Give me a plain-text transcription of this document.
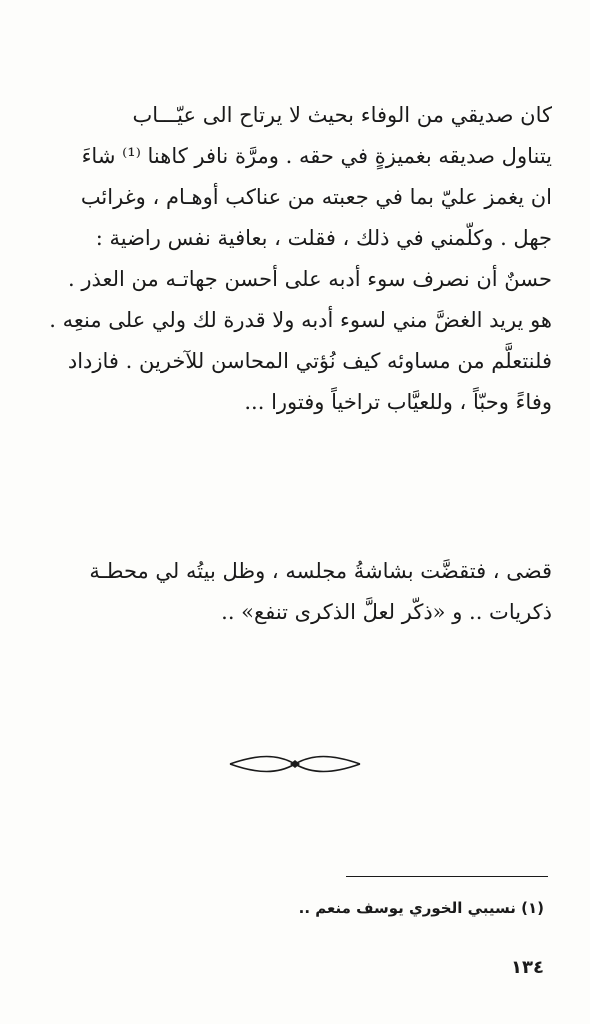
كان صديقي من الوفاء بحيث لا يرتاح الى عيّـــاب
يتناول صديقه بغميزةٍ في حقه . ومرَّة نافر كاهنا ⁽¹⁾ شاءَ
ان يغمز عليّ بما في جعبته من عناكب أوهـام ، وغرائب
جهل . وكلّمني في ذلك ، فقلت ، بعافية نفس راضية :
حسنٌ أن نصرف سوء أدبه على أحسن جهاتـه من العذر .
هو يريد الغضَّ مني لسوء أدبه ولا قدرة لك ولي على منعِه .
فلنتعلَّم من مساوئه كيف نُؤتي المحاسن للآخرين . فازداد
وفاءً وحبّاً ، وللعيَّاب تراخياً وفتورا ...
قضى ، فتقضَّت بشاشةُ مجلسه ، وظل بيتُه لي محطـة
ذكريات .. و «ذكّر لعلَّ الذكرى تنفع» ..
(١) نسيبي الخوري يوسف منعم ..
١٣٤
